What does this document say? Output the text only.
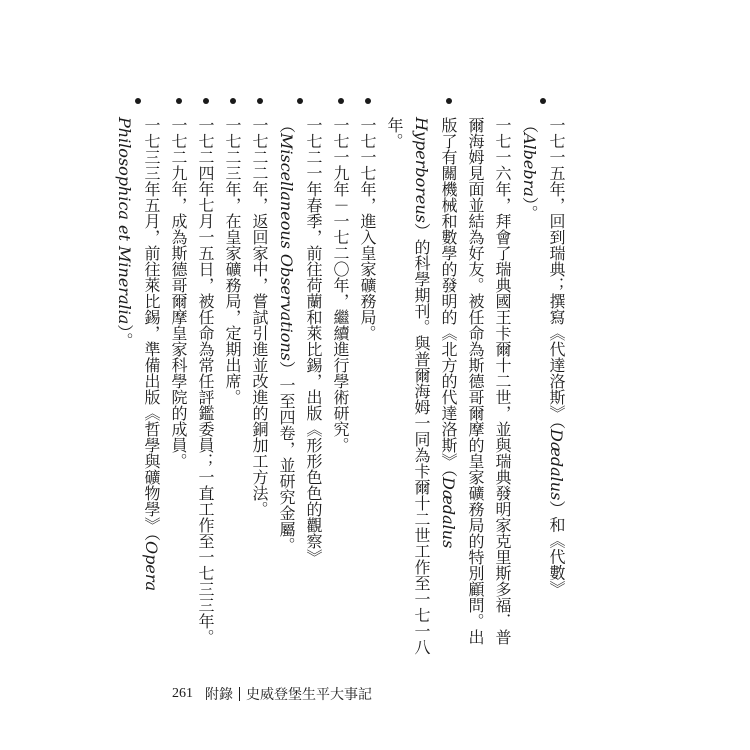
一七一五年，回到瑞典；撰寫《代達洛斯》（Dædalus）和《代數》（Albebra）。

一七一六年，拜會了瑞典國王卡爾十二世，並與瑞典發明家克里斯多福．普爾海姆見面並結為好友。被任命為斯德哥爾摩的皇家礦務局的特別顧問。出版了有關機械和數學的發明的《北方的代達洛斯》（Dædalus Hyperboreus）的科學期刊。與普爾海姆一同為卡爾十二世工作至一七一八年。

一七一七年，進入皇家礦務局。

一七一九年－一七二〇年，繼續進行學術研究。

一七二一年春季，前往荷蘭和萊比錫，出版《形形色色的觀察》（Miscellaneous Observations）一至四卷，並研究金屬。

一七二二年，返回家中，嘗試引進並改進的銅加工方法。

一七二三年，在皇家礦務局，定期出席。

一七二四年七月一五日，被任命為常任評鑑委員；一直工作至一七三三年。

一七二九年，成為斯德哥爾摩皇家科學院的成員。

一七三三年五月，前往萊比錫，準備出版《哲學與礦物學》（Opera Philosophica et Mineralia）。

261 附錄 史威登堡生平大事記
